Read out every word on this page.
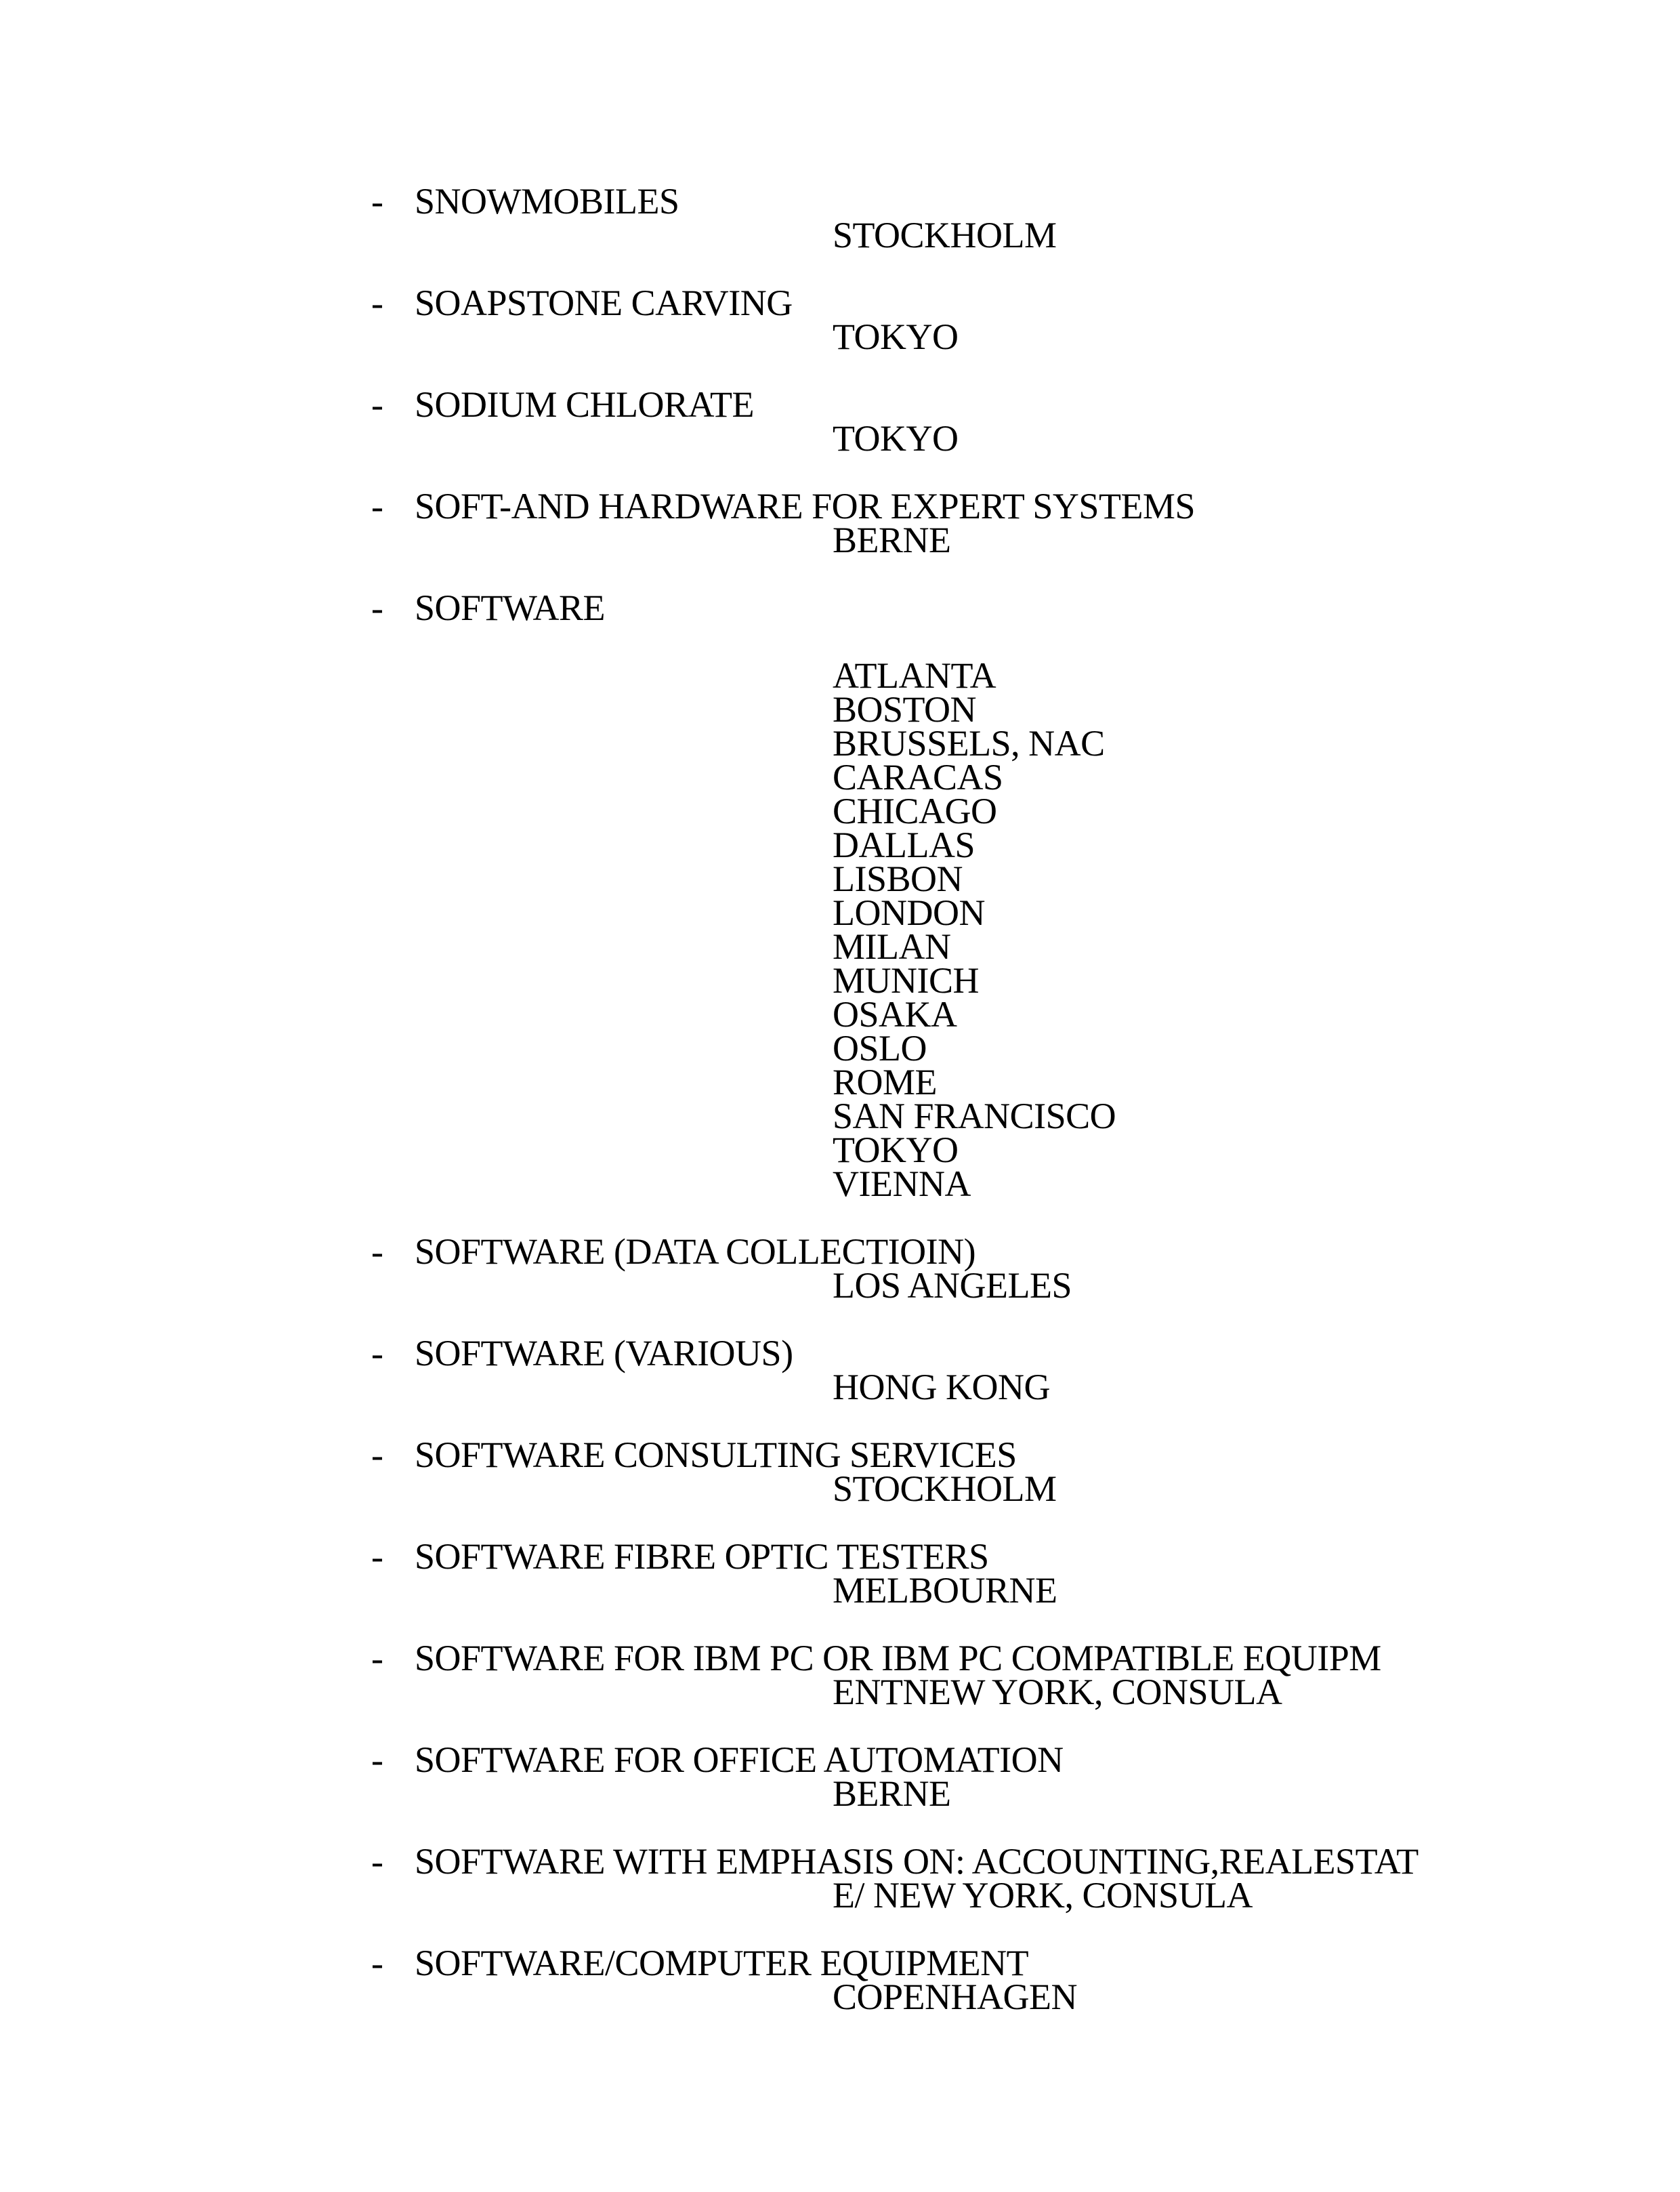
- SNOWMOBILES
STOCKHOLM
- SOAPSTONE CARVING
TOKYO
- SODIUM CHLORATE
TOKYO
- SOFT-AND HARDWARE FOR EXPERT SYSTEMS
BERNE
- SOFTWARE
ATLANTA
BOSTON
BRUSSELS, NAC
CARACAS
CHICAGO
DALLAS
LISBON
LONDON
MILAN
MUNICH
OSAKA
OSLO
ROME
SAN FRANCISCO
TOKYO
VIENNA
- SOFTWARE (DATA COLLECTIOIN)
LOS ANGELES
- SOFTWARE (VARIOUS)
HONG KONG
- SOFTWARE CONSULTING SERVICES
STOCKHOLM
- SOFTWARE FIBRE OPTIC TESTERS
MELBOURNE
- SOFTWARE FOR IBM PC OR IBM PC COMPATIBLE EQUIPM
ENTNEW YORK, CONSULA
- SOFTWARE FOR OFFICE AUTOMATION
BERNE
- SOFTWARE WITH EMPHASIS ON: ACCOUNTING,REALESTAT
E/ NEW YORK, CONSULA
- SOFTWARE/COMPUTER EQUIPMENT
COPENHAGEN
